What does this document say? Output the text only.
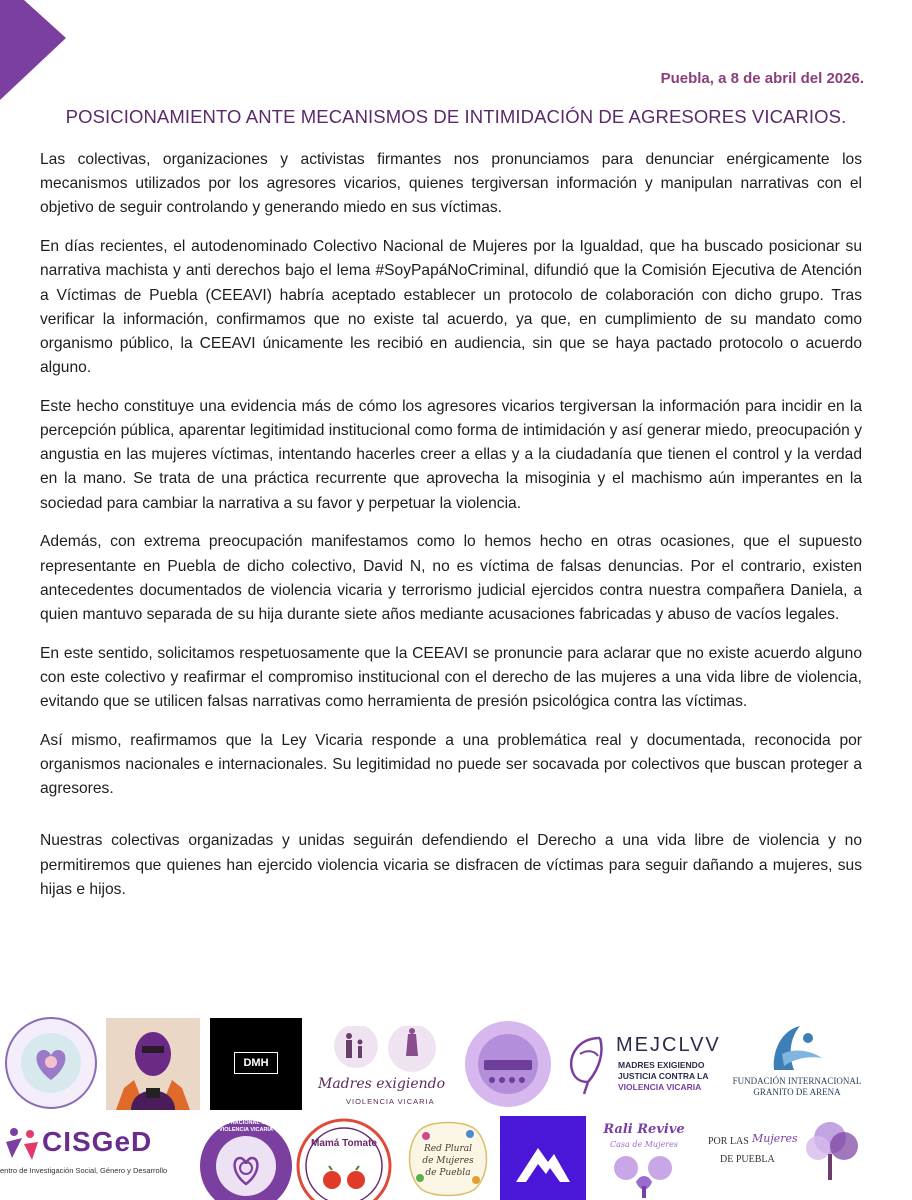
Puebla, a 8 de abril del 2026.
POSICIONAMIENTO ANTE MECANISMOS DE INTIMIDACIÓN DE AGRESORES VICARIOS.

Las colectivas, organizaciones y activistas firmantes nos pronunciamos para denunciar enérgicamente los mecanismos utilizados por los agresores vicarios, quienes tergiversan información y manipulan narrativas con el objetivo de seguir controlando y generando miedo en sus víctimas.

En días recientes, el autodenominado Colectivo Nacional de Mujeres por la Igualdad, que ha buscado posicionar su narrativa machista y anti derechos bajo el lema #SoyPapáNoCriminal, difundió que la Comisión Ejecutiva de Atención a Víctimas de Puebla (CEEAVI) habría aceptado establecer un protocolo de colaboración con dicho grupo. Tras verificar la información, confirmamos que no existe tal acuerdo, ya que, en cumplimiento de su mandato como organismo público, la CEEAVI únicamente les recibió en audiencia, sin que se haya pactado protocolo o acuerdo alguno.

Este hecho constituye una evidencia más de cómo los agresores vicarios tergiversan la información para incidir en la percepción pública, aparentar legitimidad institucional como forma de intimidación y así generar miedo, preocupación y angustia en las mujeres víctimas, intentando hacerles creer a ellas y a la ciudadanía que tienen el control y la verdad en la mano. Se trata de una práctica recurrente que aprovecha la misoginia y el machismo aún imperantes en la sociedad para cambiar la narrativa a su favor y perpetuar la violencia.

Además, con extrema preocupación manifestamos como lo hemos hecho en otras ocasiones, que el supuesto representante en Puebla de dicho colectivo, David N, no es víctima de falsas denuncias. Por el contrario, existen antecedentes documentados de violencia vicaria y terrorismo judicial ejercidos contra nuestra compañera Daniela, a quien mantuvo separada de su hija durante siete años mediante acusaciones fabricadas y abuso de vacíos legales.

En este sentido, solicitamos respetuosamente que la CEEAVI se pronuncie para aclarar que no existe acuerdo alguno con este colectivo y reafirmar el compromiso institucional con el derecho de las mujeres a una vida libre de violencia, evitando que se utilicen falsas narrativas como herramienta de presión psicológica contra las víctimas.

Así mismo, reafirmamos que la Ley Vicaria responde a una problemática real y documentada, reconocida por organismos nacionales e internacionales. Su legitimidad no puede ser socavada por colectivos que buscan proteger a agresores.

Nuestras colectivas organizadas y unidas seguirán defendiendo el Derecho a una vida libre de violencia y no permitiremos que quienes han ejercido violencia vicaria se disfracen de víctimas para seguir dañando a mujeres, sus hijas e hijos.

DMH
Madres exigiendo
VIOLENCIA VICARIA
MEJCLVV
MADRES EXIGIENDO
JUSTICIA CONTRA LA
VIOLENCIA VICARIA
FUNDACIÓN INTERNACIONAL
GRANITO DE ARENA
CISGeD
entro de Investigación Social, Género y Desarrollo
FRENTE NACIONAL CONTRA VIOLENCIA VICARIA
Mamá Tomate	Red Plural
de Mujeres
de Puebla
Rali Revive
Casa de Mujeres	POR LAS Mujeres
DE PUEBLA
